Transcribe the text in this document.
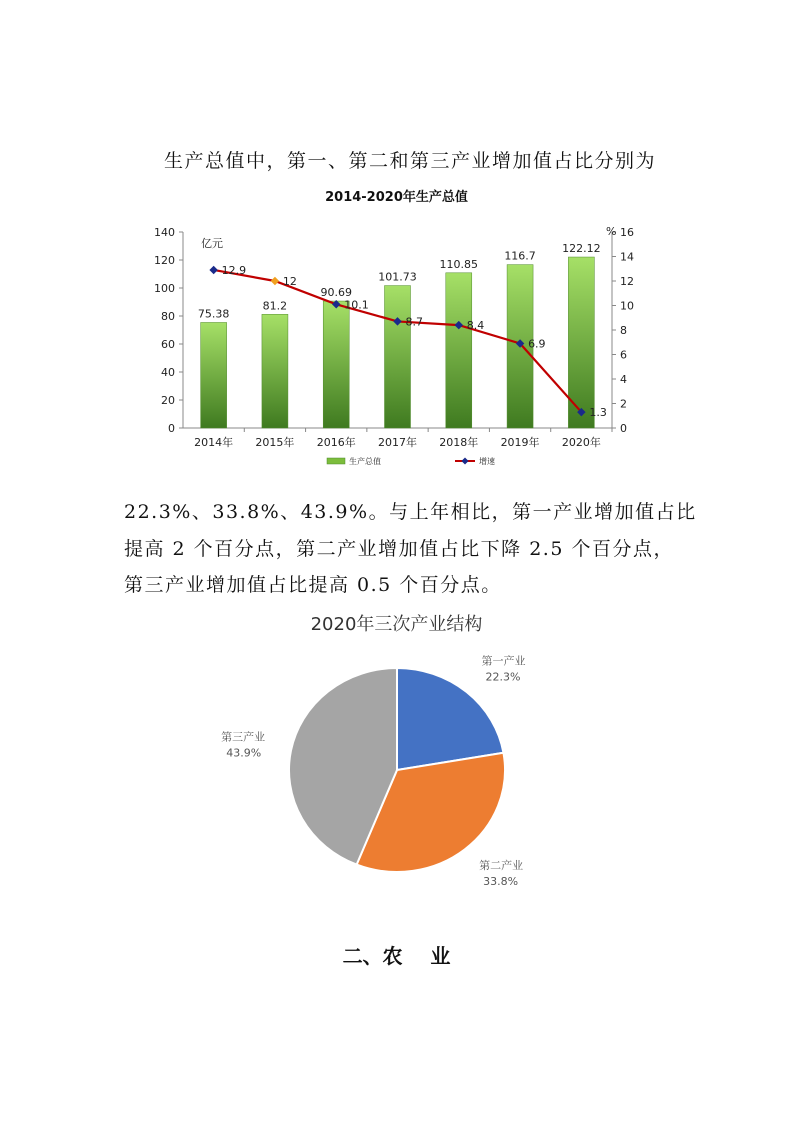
生产总值中，第一、第二和第三产业增加值占比分别为
2014-2020年生产总值
0
20
40
60
80
100
120
140
0
2
4
6
8
10
12
14
16
亿元
%
75.38
2014年
81.2
2015年
90.69
2016年
101.73
2017年
110.85
2018年
116.7
2019年
122.12
2020年
12.9
12
10.1
8.7	8.4
6.9
1.3
生产总值	增速
22.3%、33.8%、43.9%。与上年相比，第一产业增加值占比
提高 2 个百分点，第二产业增加值占比下降 2.5 个百分点，
第三产业增加值占比提高 0.5 个百分点。
2020年三次产业结构
第一产业
22.3%
第二产业
33.8%
第三产业
43.9%
二、农    业
